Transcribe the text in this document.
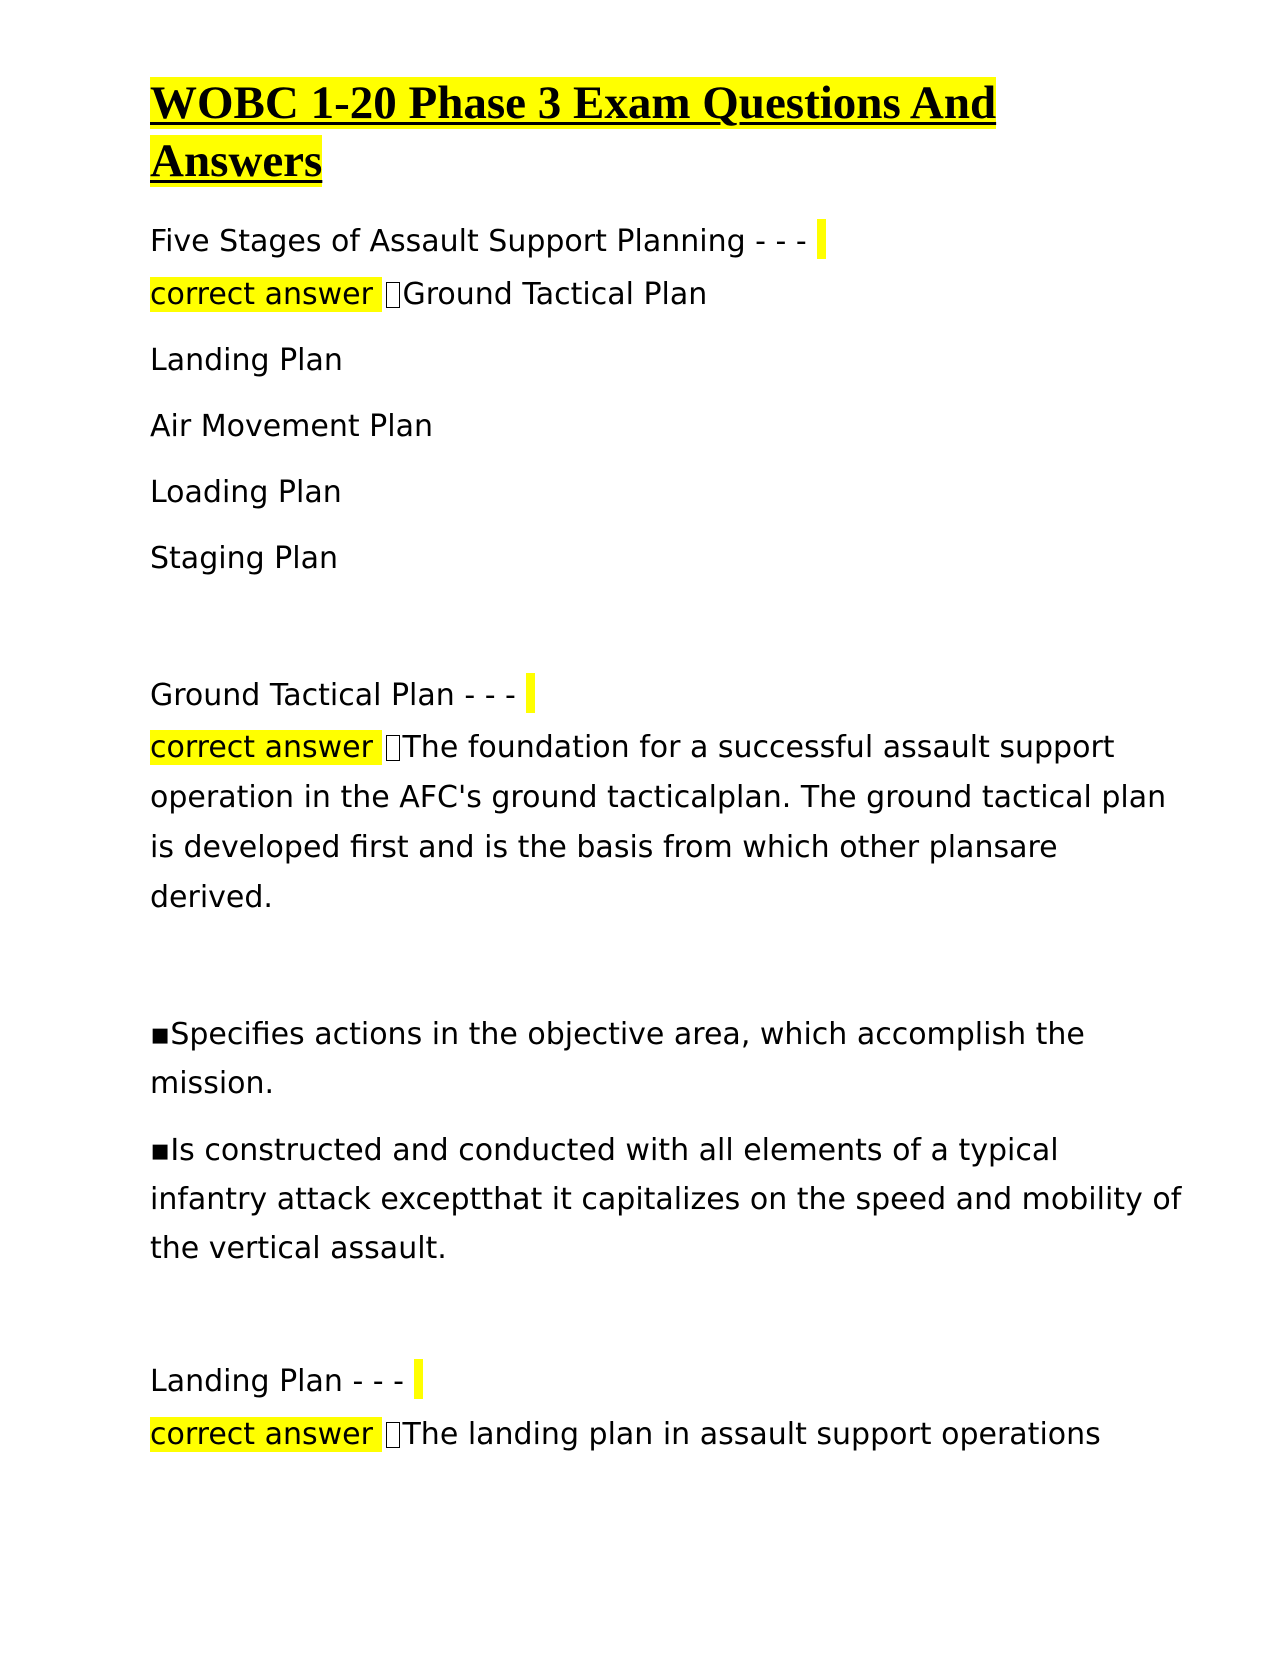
WOBC 1-20 Phase 3 Exam Questions And
Answers

Five Stages of Assault Support Planning - - -

correct answer Ground Tactical Plan

Landing Plan

Air Movement Plan

Loading Plan

Staging Plan

Ground Tactical Plan - - -

correct answer The foundation for a successful assault support

operation in the AFC's ground tacticalplan. The ground tactical plan

is developed first and is the basis from which other plansare

derived.

▪Specifies actions in the objective area, which accomplish the

mission.

▪Is constructed and conducted with all elements of a typical

infantry attack exceptthat it capitalizes on the speed and mobility of

the vertical assault.

Landing Plan - - -

correct answer The landing plan in assault support operations
